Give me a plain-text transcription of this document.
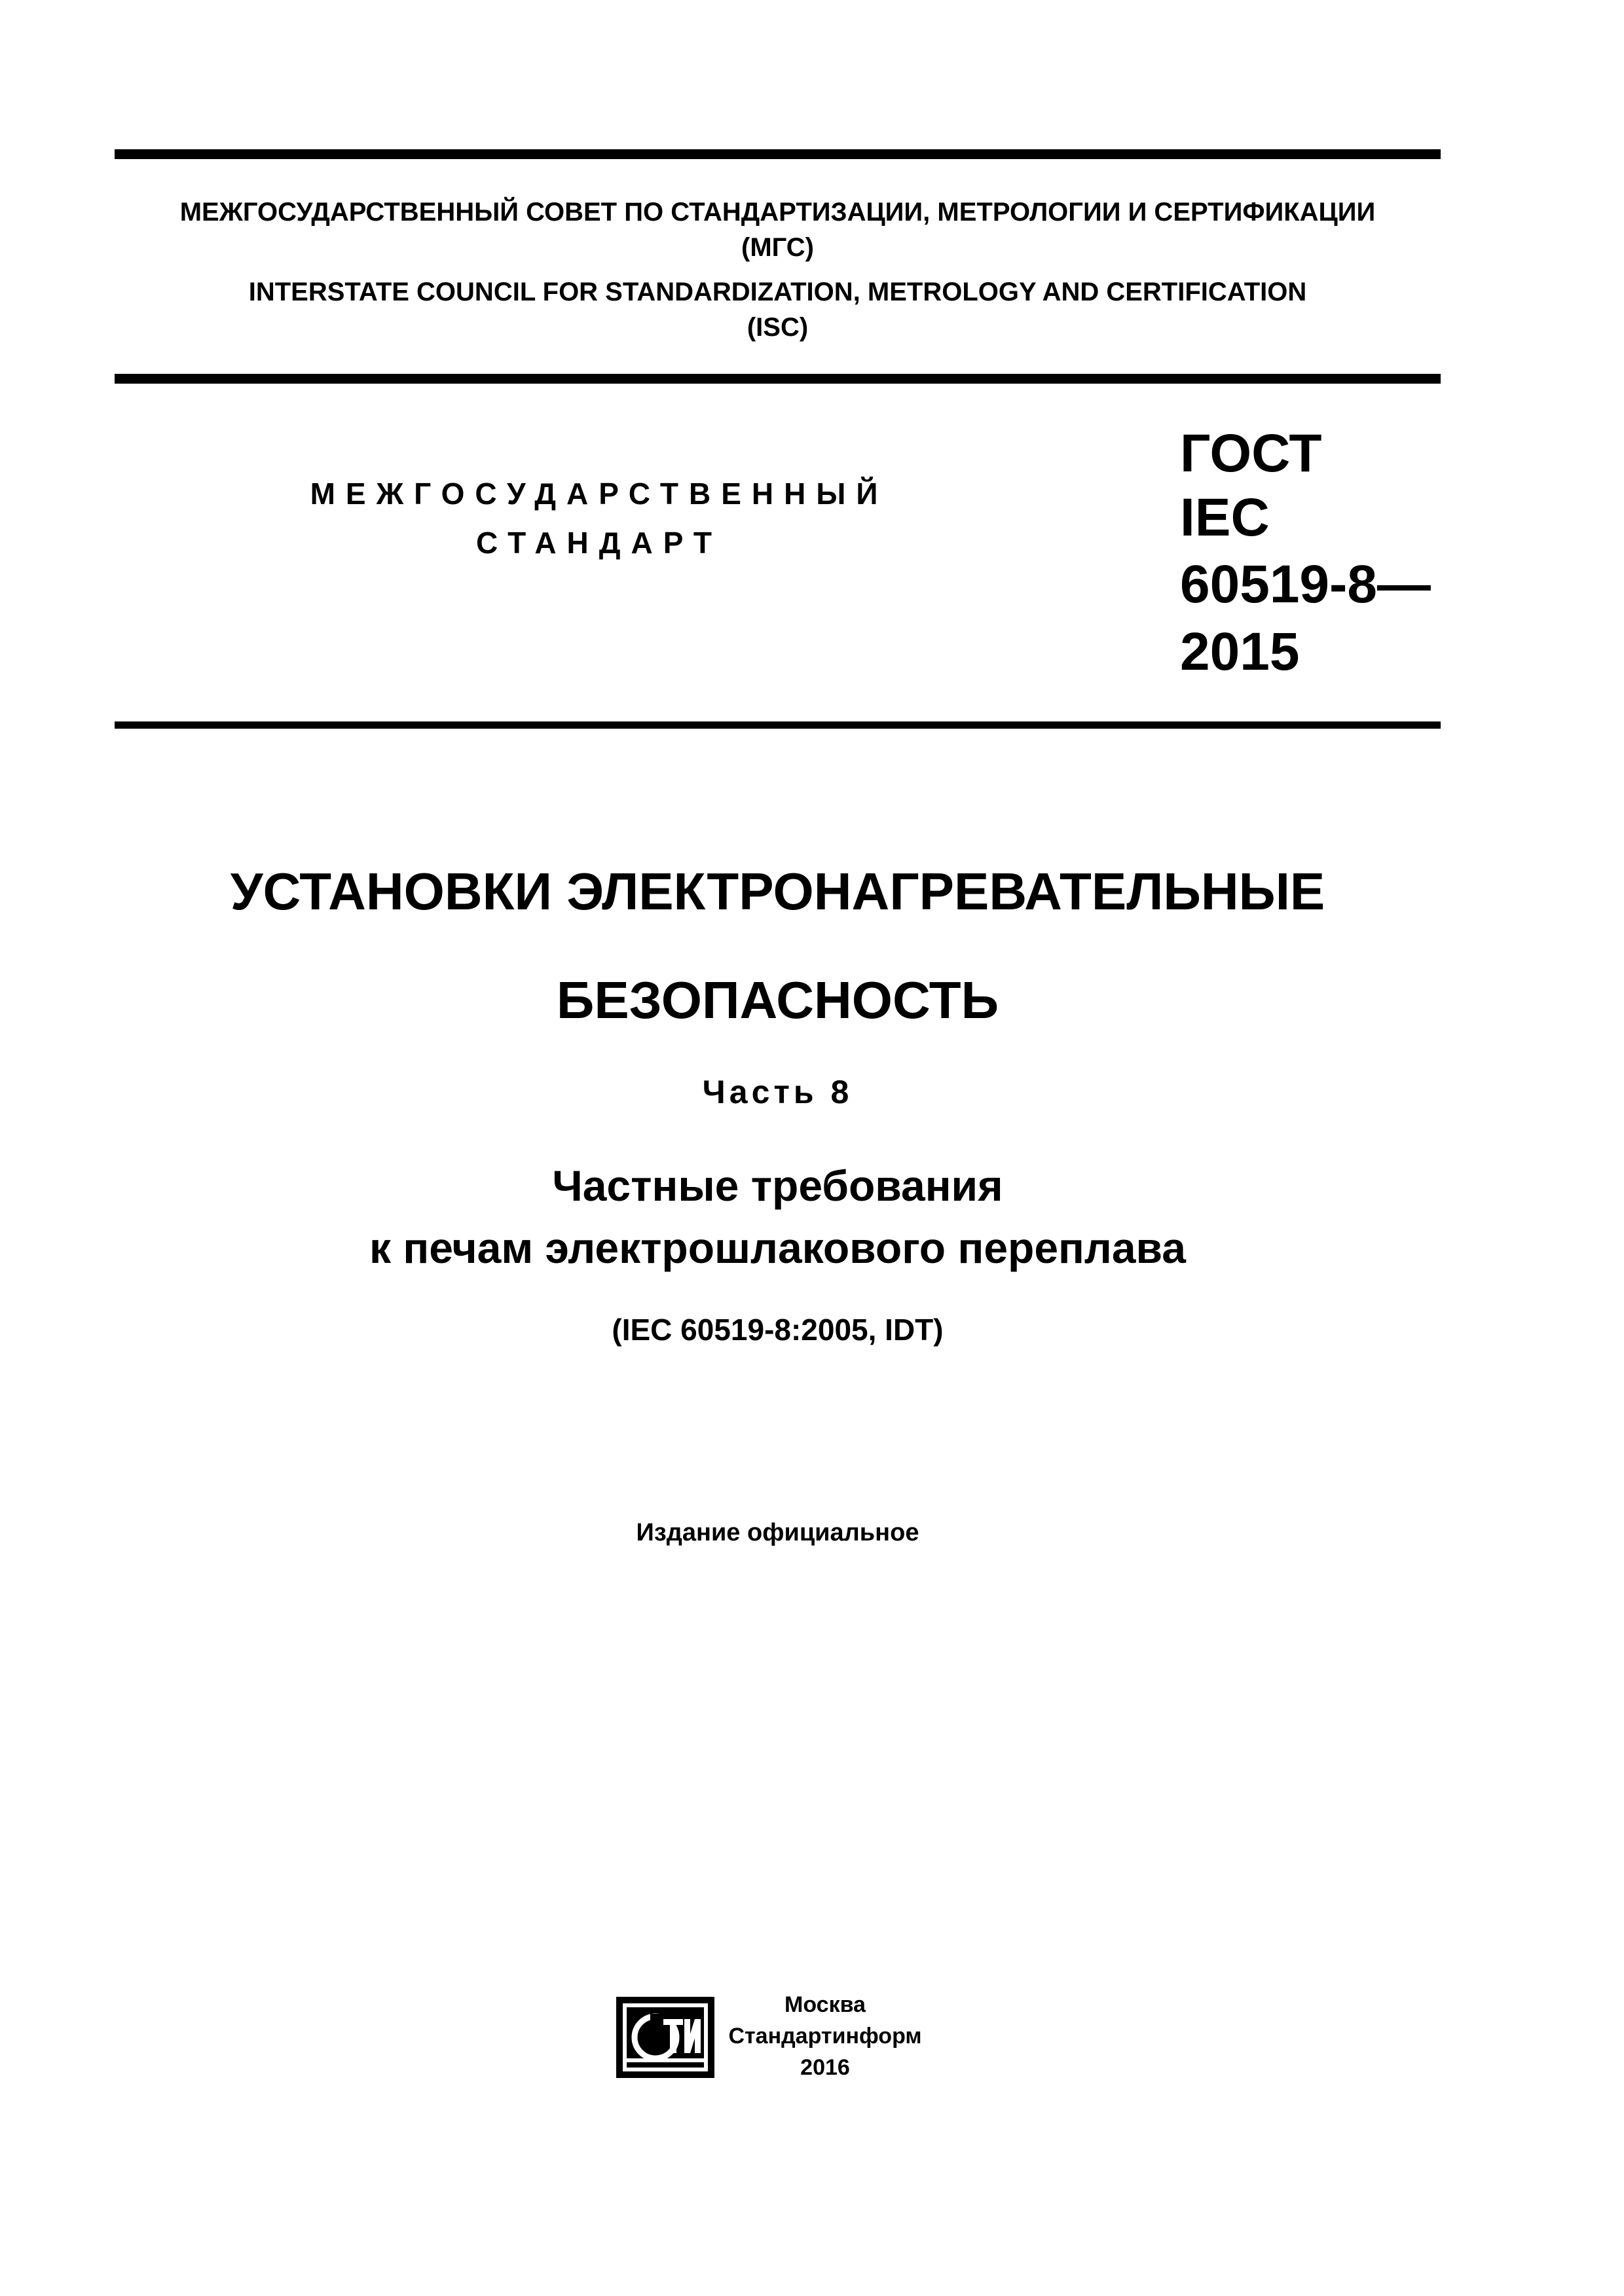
МЕЖГОСУДАРСТВЕННЫЙ СОВЕТ ПО СТАНДАРТИЗАЦИИ, МЕТРОЛОГИИ И СЕРТИФИКАЦИИ
(МГС)
INTERSTATE COUNCIL FOR STANDARDIZATION, METROLOGY AND CERTIFICATION
(ISC)
МЕЖГОСУДАРСТВЕННЫЙ
СТАНДАРТ
ГОСТ
IEC
60519-8—
2015
УСТАНОВКИ ЭЛЕКТРОНАГРЕВАТЕЛЬНЫЕ
БЕЗОПАСНОСТЬ
Часть 8
Частные требования
к печам электрошлакового переплава
(IEC 60519-8:2005, IDT)
Издание официальное
Москва
Стандартинформ
2016
